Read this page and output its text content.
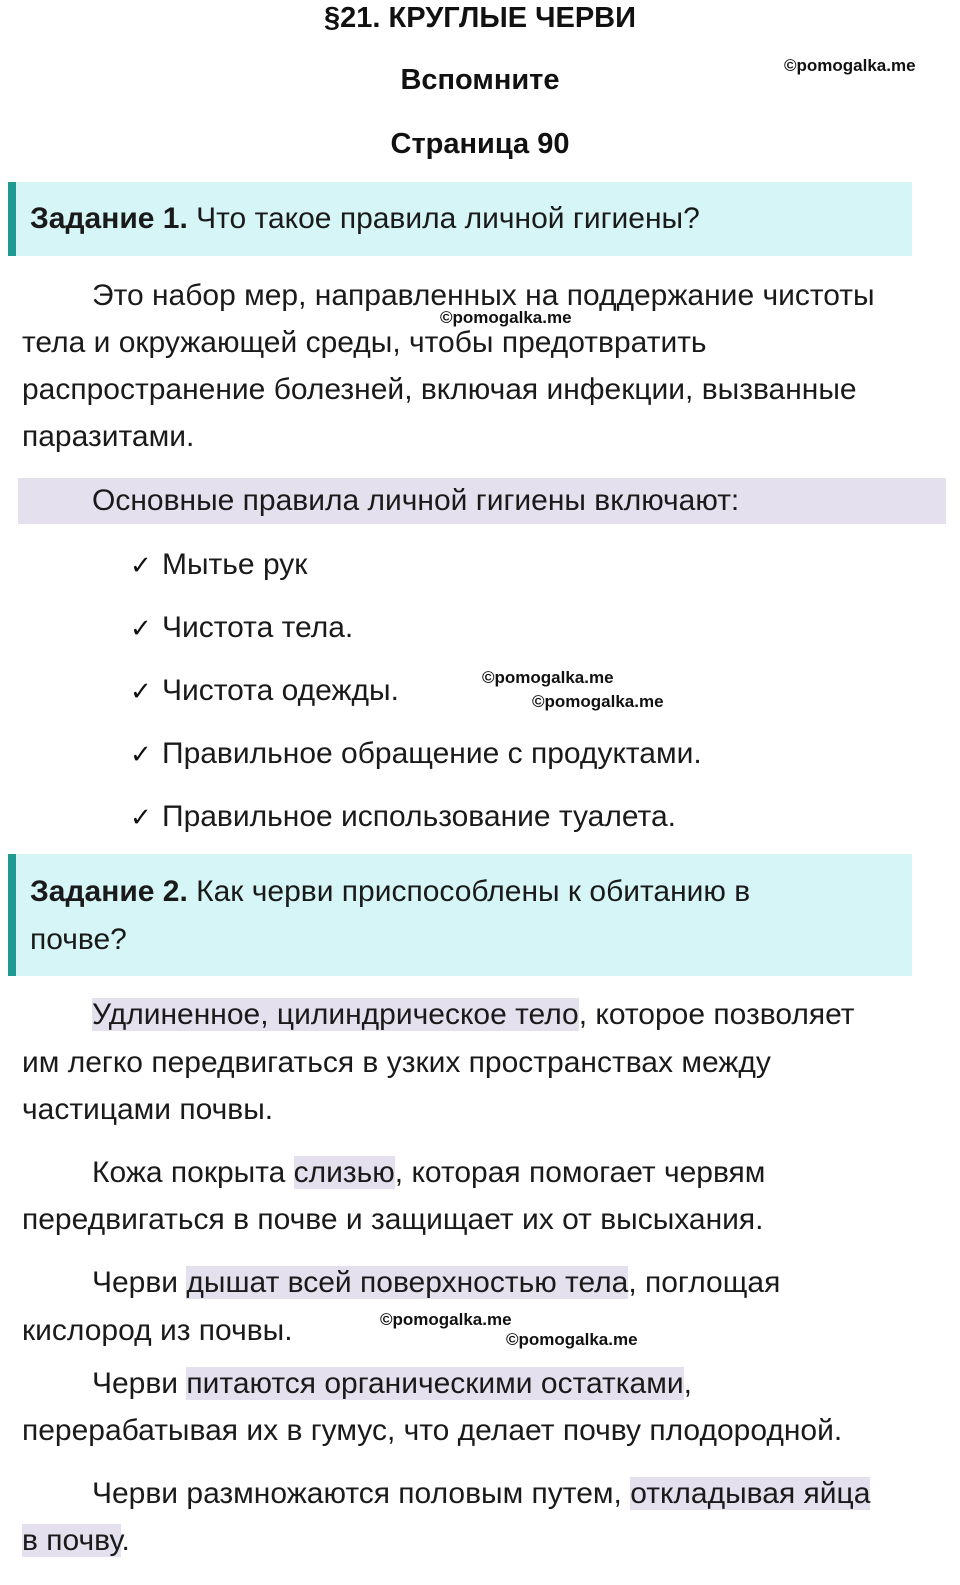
§21. КРУГЛЫЕ ЧЕРВИ
Вспомните
Страница 90
©pomogalka.me
©pomogalka.me
©pomogalka.me
©pomogalka.me
©pomogalka.me
©pomogalka.me
Задание 1. Что такое правила личной гигиены?
Это набор мер, направленных на поддержание чистоты
тела и окружающей среды, чтобы предотвратить
распространение болезней, включая инфекции, вызванные
паразитами.
Основные правила личной гигиены включают:
✓ Мытье рук
✓ Чистота тела.
✓ Чистота одежды.
✓ Правильное обращение с продуктами.
✓ Правильное использование туалета.
Задание 2. Как черви приспособлены к обитанию в
почве?
Удлиненное, цилиндрическое тело, которое позволяет
им легко передвигаться в узких пространствах между
частицами почвы.
Кожа покрыта слизью, которая помогает червям
передвигаться в почве и защищает их от высыхания.
Черви дышат всей поверхностью тела, поглощая
кислород из почвы.
Черви питаются органическими остатками,
перерабатывая их в гумус, что делает почву плодородной.
Черви размножаются половым путем, откладывая яйца
в почву.
